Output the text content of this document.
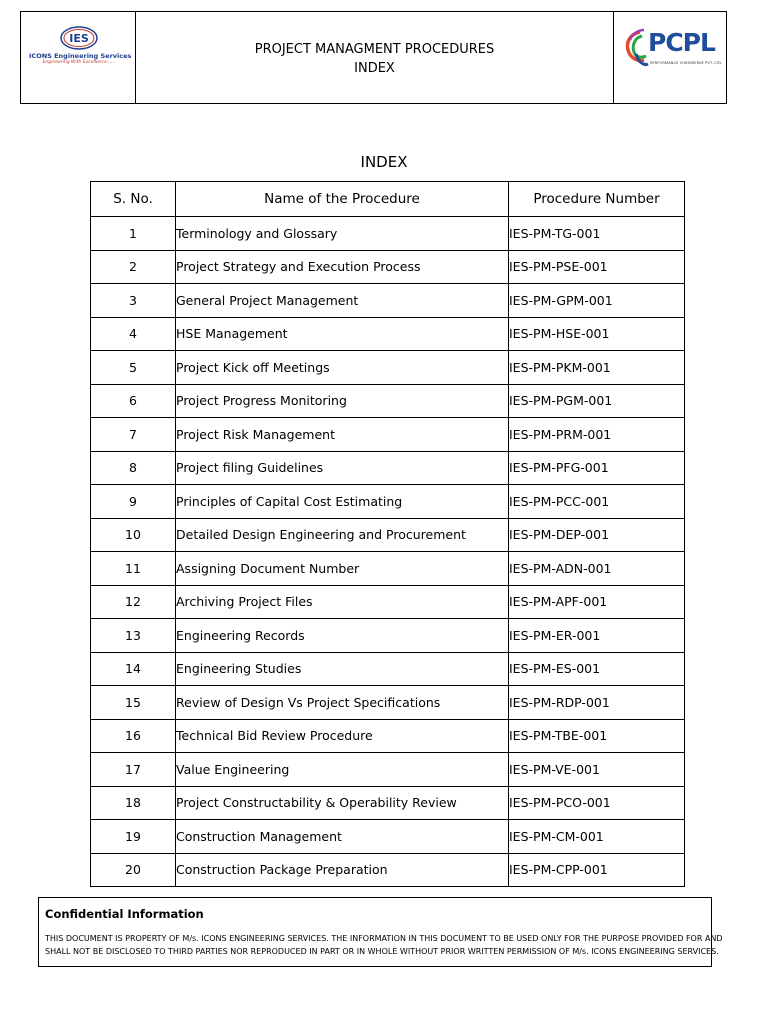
IES
ICONS Engineering Services
Engineering With Excellence......
PROJECT MANAGMENT PROCEDURES
INDEX
PCPL
PERFORMANCE CHEMISERVE PVT. LTD.
INDEX
S. No.	Name of the Procedure	Procedure Number
1	Terminology and Glossary	IES-PM-TG-001
2	Project Strategy and Execution Process	IES-PM-PSE-001
3	General Project Management	IES-PM-GPM-001
4	HSE Management	IES-PM-HSE-001
5	Project Kick off Meetings	IES-PM-PKM-001
6	Project Progress Monitoring	IES-PM-PGM-001
7	Project Risk Management	IES-PM-PRM-001
8	Project filing Guidelines	IES-PM-PFG-001
9	Principles of Capital Cost Estimating	IES-PM-PCC-001
10	Detailed Design Engineering and Procurement	IES-PM-DEP-001
11	Assigning Document Number	IES-PM-ADN-001
12	Archiving Project Files	IES-PM-APF-001
13	Engineering Records	IES-PM-ER-001
14	Engineering Studies	IES-PM-ES-001
15	Review of Design Vs Project Specifications	IES-PM-RDP-001
16	Technical Bid Review Procedure	IES-PM-TBE-001
17	Value Engineering	IES-PM-VE-001
18	Project Constructability & Operability Review	IES-PM-PCO-001
19	Construction Management	IES-PM-CM-001
20	Construction Package Preparation	IES-PM-CPP-001
Confidential Information
THIS DOCUMENT IS PROPERTY OF M/s. ICONS ENGINEERING SERVICES. THE INFORMATION IN THIS DOCUMENT TO BE USED ONLY FOR THE PURPOSE PROVIDED FOR AND
SHALL NOT BE DISCLOSED TO THIRD PARTIES NOR REPRODUCED IN PART OR IN WHOLE WITHOUT PRIOR WRITTEN PERMISSION OF M/s. ICONS ENGINEERING SERVICES.
